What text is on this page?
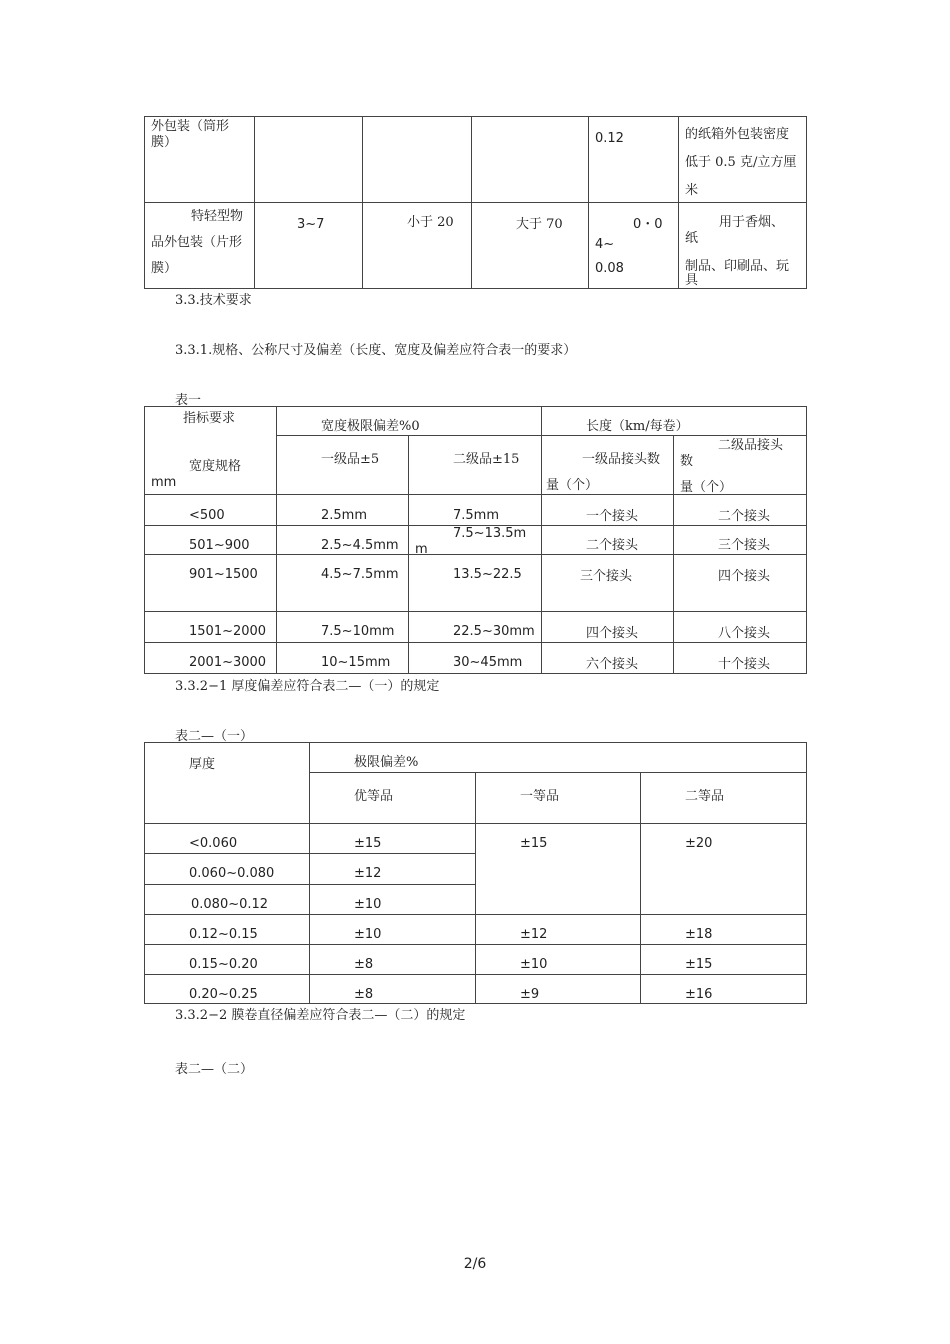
外包装（筒形
膜）				0.12	的纸箱外包装密度
低于 0.5 克/立方厘
米

特轻型物
品外包装（片形
膜）	3~7	小于 20	大于 70	0・0
4~
0.08	用于香烟、
纸
制品、印刷品、玩
具

3.3.技术要求

3.3.1.规格、公称尺寸及偏差（长度、宽度及偏差应符合表一的要求）

表一

指标要求
宽度规格
mm	宽度极限偏差%0		长度（km/每卷）	

	一级品±5	二级品±15	一级品接头数
量（个）	二级品接头
数
量（个）

<500	2.5mm	7.5mm	一个接头	二个接头

501~900	2.5~4.5mm	7.5~13.5m
m	二个接头	三个接头

901~1500	4.5~7.5mm	13.5~22.5	三个接头	四个接头

1501~2000	7.5~10mm	22.5~30mm	四个接头	八个接头

2001~3000	10~15mm	30~45mm	六个接头	十个接头

3.3.2−1 厚度偏差应符合表二—（一）的规定

表二—（一）

厚度	极限偏差%		

	优等品	一等品	二等品

<0.060	±15	±15	±20

0.060~0.080	±12		

0.080~0.12	±10		

0.12~0.15	±10	±12	±18

0.15~0.20	±8	±10	±15

0.20~0.25	±8	±9	±16

3.3.2−2 膜卷直径偏差应符合表二—（二）的规定

表二—（二）

2/6
